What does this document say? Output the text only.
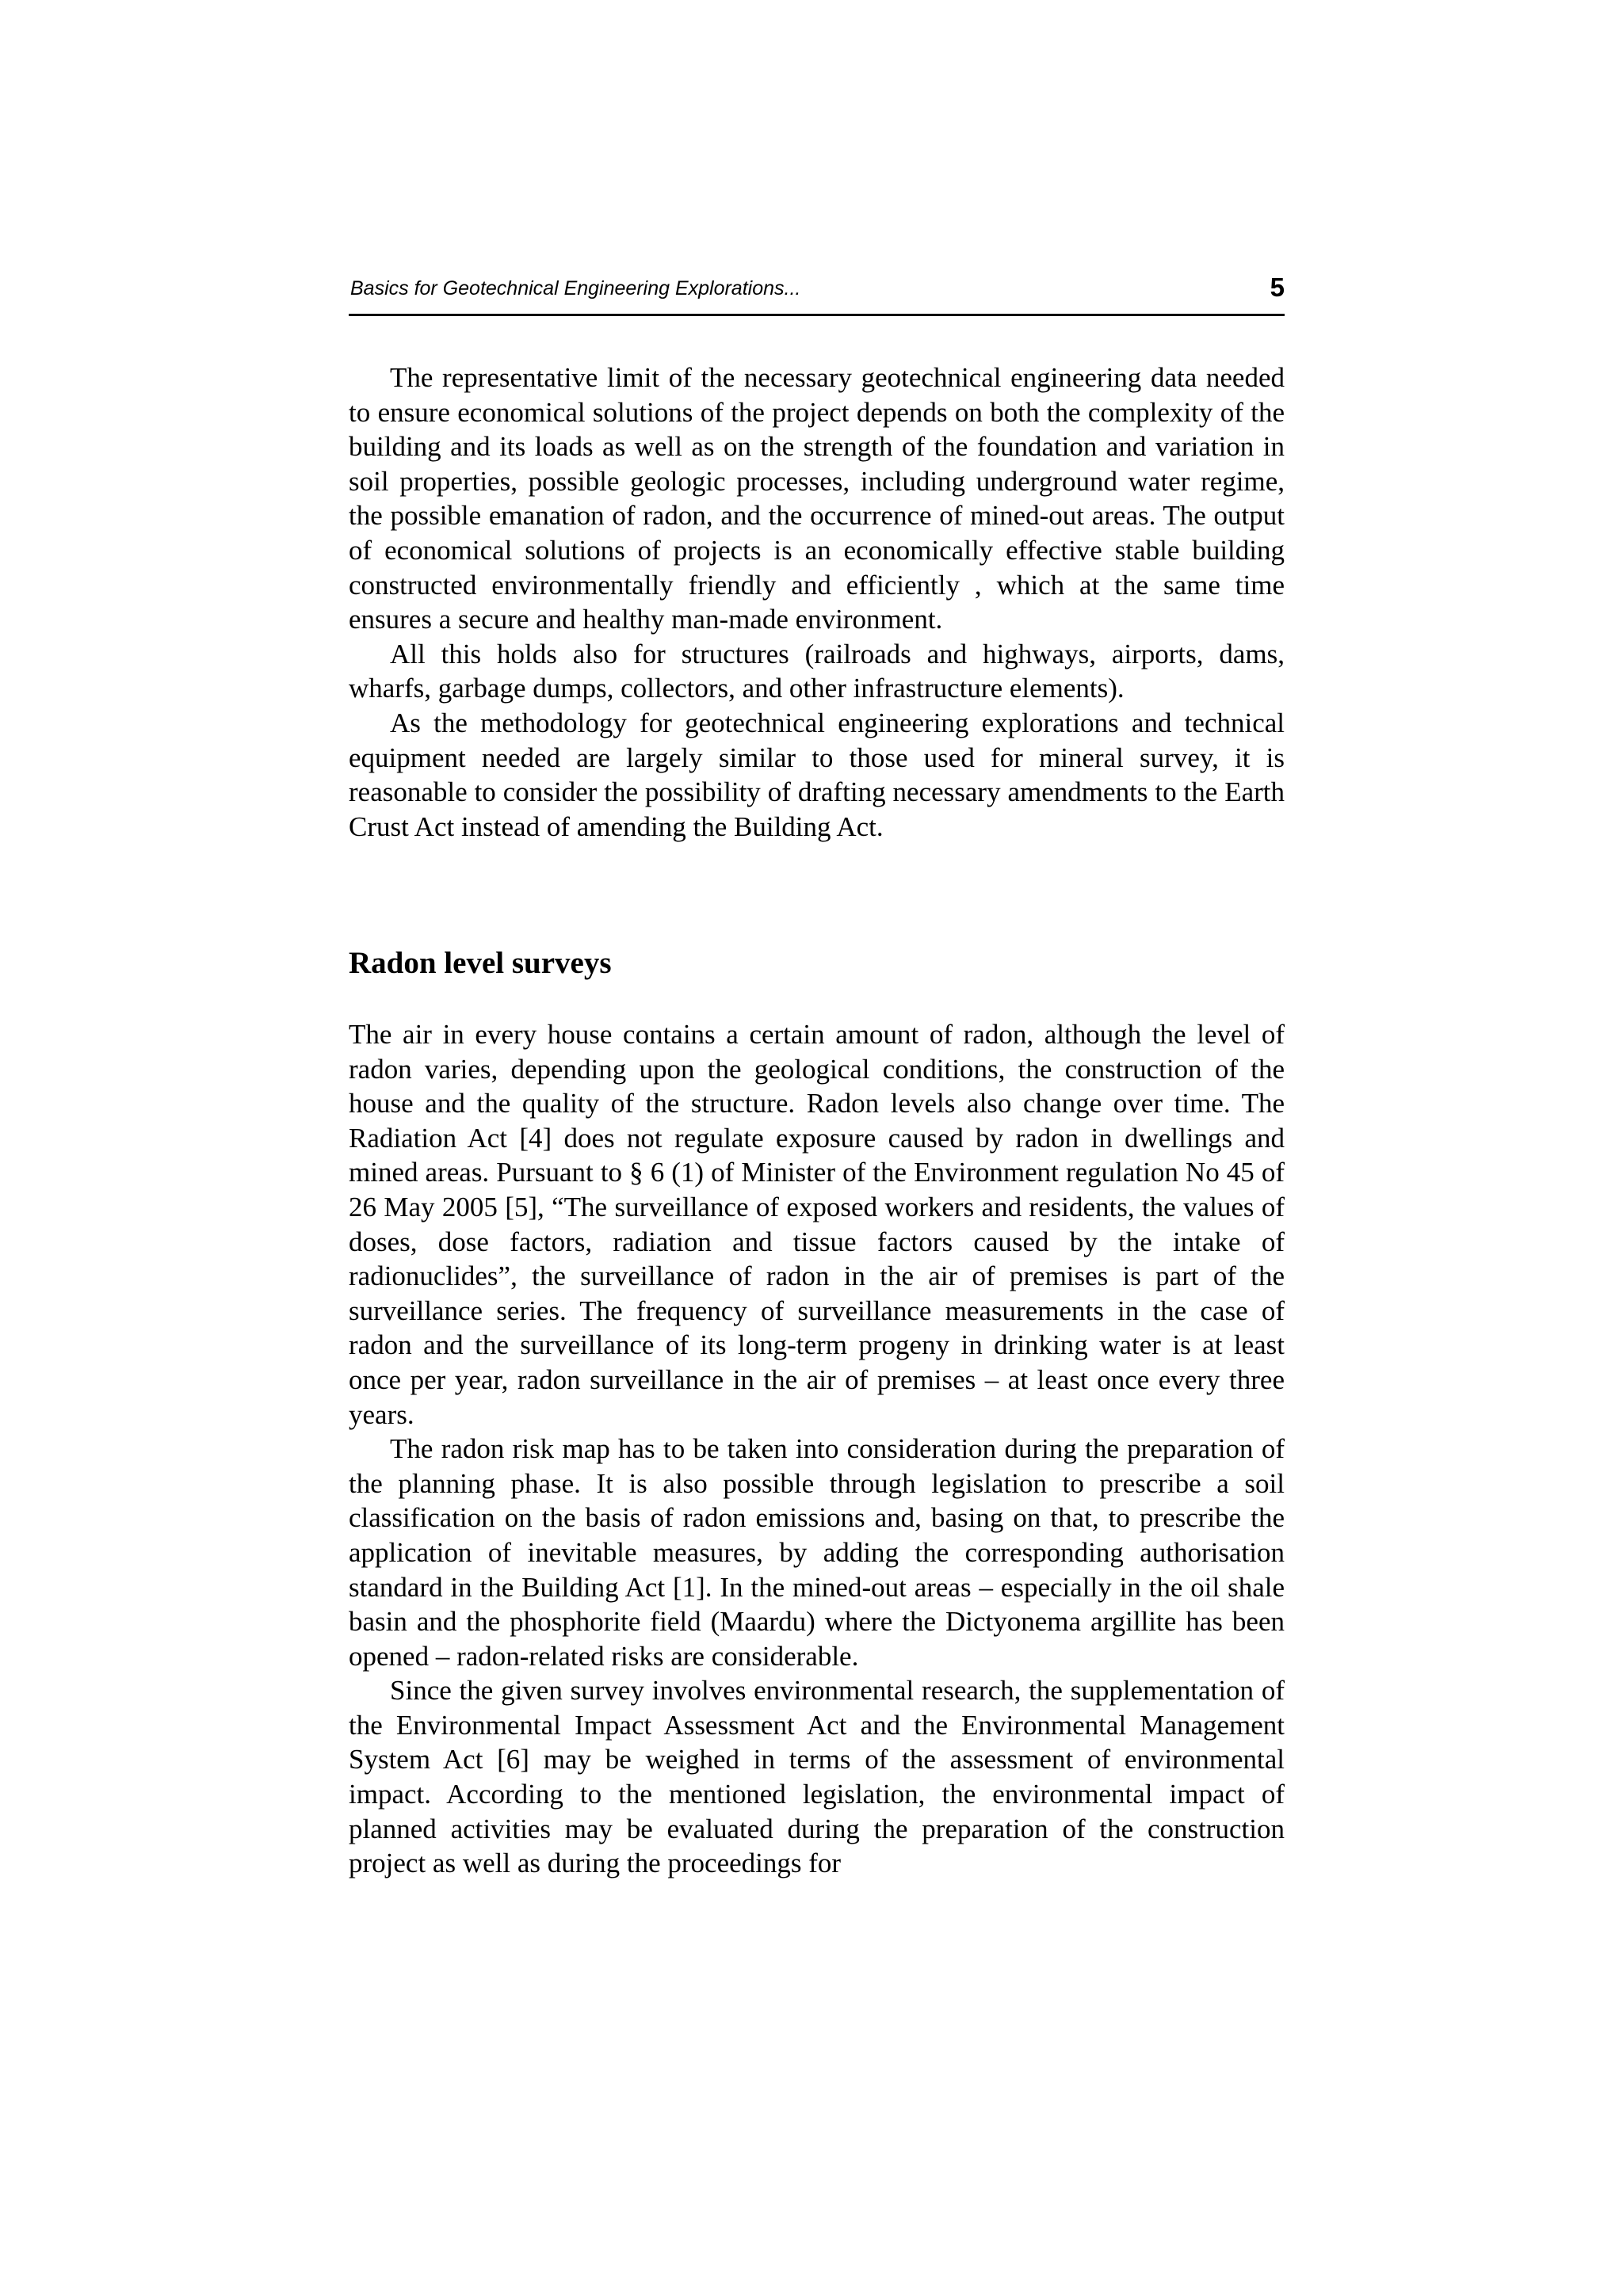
Basics for Geotechnical Engineering Explorations...	5

The representative limit of the necessary geotechnical engineering data needed to ensure economical solutions of the project depends on both the complexity of the building and its loads as well as on the strength of the foundation and variation in soil properties, possible geologic processes, including underground water regime, the possible emanation of radon, and the occurrence of mined-out areas. The output of economical solutions of projects is an economically effective stable building constructed environmentally friendly and efficiently , which at the same time ensures a secure and healthy man-made environment.

All this holds also for structures (railroads and highways, airports, dams, wharfs, garbage dumps, collectors, and other infrastructure elements).

As the methodology for geotechnical engineering explorations and technical equipment needed are largely similar to those used for mineral survey, it is reasonable to consider the possibility of drafting necessary amendments to the Earth Crust Act instead of amending the Building Act.

Radon level surveys

The air in every house contains a certain amount of radon, although the level of radon varies, depending upon the geological conditions, the construction of the house and the quality of the structure. Radon levels also change over time. The Radiation Act [4] does not regulate exposure caused by radon in dwellings and mined areas. Pursuant to § 6 (1) of Minister of the Environment regulation No 45 of 26 May 2005 [5], “The surveillance of exposed workers and residents, the values of doses, dose factors, radiation and tissue factors caused by the intake of radionuclides”, the surveillance of radon in the air of premises is part of the surveillance series. The frequency of surveillance measurements in the case of radon and the surveillance of its long-term progeny in drinking water is at least once per year, radon surveillance in the air of premises – at least once every three years.

The radon risk map has to be taken into consideration during the preparation of the planning phase. It is also possible through legislation to prescribe a soil classification on the basis of radon emissions and, basing on that, to prescribe the application of inevitable measures, by adding the corresponding authorisation standard in the Building Act [1]. In the mined-out areas – especially in the oil shale basin and the phosphorite field (Maardu) where the Dictyonema argillite has been opened – radon-related risks are considerable.

Since the given survey involves environmental research, the supplementation of the Environmental Impact Assessment Act and the Environmental Management System Act [6] may be weighed in terms of the assessment of environmental impact. According to the mentioned legislation, the environmental impact of planned activities may be evaluated during the preparation of the construction project as well as during the proceedings for
